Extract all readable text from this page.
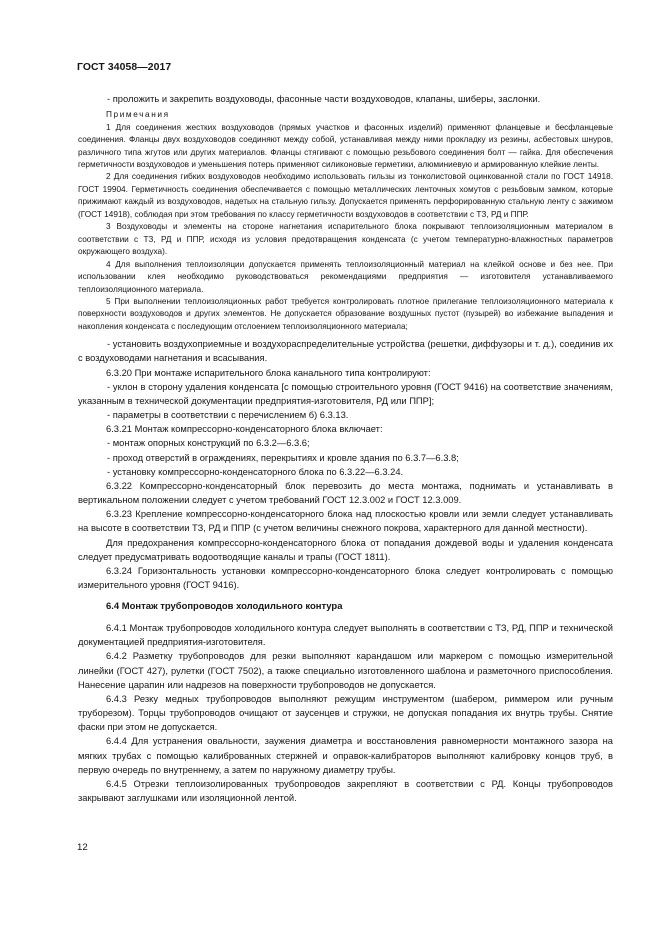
ГОСТ 34058—2017

- проложить и закрепить воздуховоды, фасонные части воздуховодов, клапаны, шиберы, заслонки.

Примечания

1 Для соединения жестких воздуховодов (прямых участков и фасонных изделий) применяют фланцевые и бесфланцевые соединения. Фланцы двух воздуховодов соединяют между собой, устанавливая между ними прокладку из резины, асбестовых шнуров, различного типа жгутов или других материалов. Фланцы стягивают с помощью резьбового соединения болт — гайка. Для обеспечения герметичности воздуховодов и уменьшения потерь применяют силиконовые герметики, алюминиевую и армированную клейкие ленты.

2 Для соединения гибких воздуховодов необходимо использовать гильзы из тонколистовой оцинкованной стали по ГОСТ 14918. ГОСТ 19904. Герметичность соединения обеспечивается с помощью металлических ленточных хомутов с резьбовым замком, которые прижимают каждый из воздуховодов, надетых на стальную гильзу. Допускается применять перфорированную стальную ленту с зажимом (ГОСТ 14918), соблюдая при этом требования по классу герметичности воздуховодов в соответствии с ТЗ, РД и ППР.

3 Воздуховоды и элементы на стороне нагнетания испарительного блока покрывают теплоизоляционным материалом в соответствии с ТЗ, РД и ППР, исходя из условия предотвращения конденсата (с учетом температурно-влажностных параметров окружающего воздуха).

4 Для выполнения теплоизоляции допускается применять теплоизоляционный материал на клейкой основе и без нее. При использовании клея необходимо руководствоваться рекомендациями предприятия — изготовителя устанавливаемого теплоизоляционного материала.

5 При выполнении теплоизоляционных работ требуется контролировать плотное прилегание теплоизоляционного материала к поверхности воздуховодов и других элементов. Не допускается образование воздушных пустот (пузырей) во избежание выпадения и накопления конденсата с последующим отслоением теплоизоляционного материала;

- установить воздухоприемные и воздухораспределительные устройства (решетки, диффузоры и т. д.), соединив их с воздуховодами нагнетания и всасывания.

6.3.20 При монтаже испарительного блока канального типа контролируют:

- уклон в сторону удаления конденсата [с помощью строительного уровня (ГОСТ 9416) на соответствие значениям, указанным в технической документации предприятия-изготовителя, РД или ППР];

- параметры в соответствии с перечислением б) 6.3.13.

6.3.21 Монтаж компрессорно-конденсаторного блока включает:

- монтаж опорных конструкций по 6.3.2—6.3.6;

- проход отверстий в ограждениях, перекрытиях и кровле здания по 6.3.7—6.3.8;

- установку компрессорно-конденсаторного блока по 6.3.22—6.3.24.

6.3.22 Компрессорно-конденсаторный блок перевозить до места монтажа, поднимать и устанавливать в вертикальном положении следует с учетом требований ГОСТ 12.3.002 и ГОСТ 12.3.009.

6.3.23 Крепление компрессорно-конденсаторного блока над плоскостью кровли или земли следует устанавливать на высоте в соответствии ТЗ, РД и ППР (с учетом величины снежного покрова, характерного для данной местности).

Для предохранения компрессорно-конденсаторного блока от попадания дождевой воды и удаления конденсата следует предусматривать водоотводящие каналы и трапы (ГОСТ 1811).

6.3.24 Горизонтальность установки компрессорно-конденсаторного блока следует контролировать с помощью измерительного уровня (ГОСТ 9416).

6.4 Монтаж трубопроводов холодильного контура

6.4.1 Монтаж трубопроводов холодильного контура следует выполнять в соответствии с ТЗ, РД, ППР и технической документацией предприятия-изготовителя.

6.4.2 Разметку трубопроводов для резки выполняют карандашом или маркером с помощью измерительной линейки (ГОСТ 427), рулетки (ГОСТ 7502), а также специально изготовленного шаблона и разметочного приспособления. Нанесение царапин или надрезов на поверхности трубопроводов не допускается.

6.4.3 Резку медных трубопроводов выполняют режущим инструментом (шабером, риммером или ручным труборезом). Торцы трубопроводов очищают от заусенцев и стружки, не допуская попадания их внутрь трубы. Снятие фаски при этом не допускается.

6.4.4 Для устранения овальности, заужения диаметра и восстановления равномерности монтажного зазора на мягких трубах с помощью калиброванных стержней и оправок-калибраторов выполняют калибровку концов труб, в первую очередь по внутреннему, а затем по наружному диаметру трубы.

6.4.5 Отрезки теплоизолированных трубопроводов закрепляют в соответствии с РД. Концы трубопроводов закрывают заглушками или изоляционной лентой.

12
